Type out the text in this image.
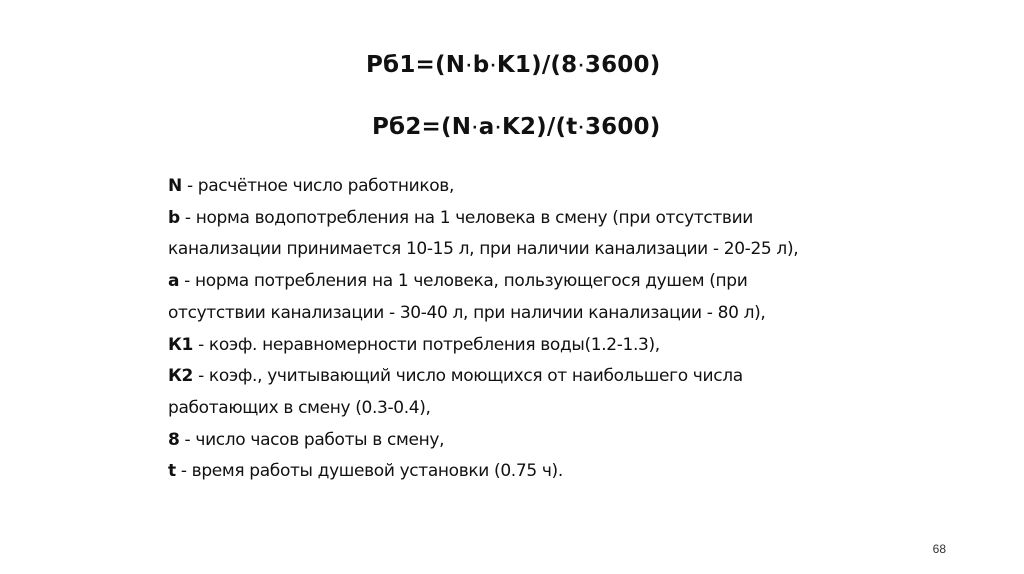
Рб1=(N·b·K1)/(8·3600)
Рб2=(N·a·K2)/(t·3600)
N - расчётное число работников,
b - норма водопотребления на 1 человека в смену (при отсутствии
канализации принимается 10-15 л, при наличии канализации - 20-25 л),
а - норма потребления на 1 человека, пользующегося душем (при
отсутствии канализации - 30-40 л, при наличии канализации - 80 л),
К1 - коэф. неравномерности потребления воды(1.2-1.3),
К2 - коэф., учитывающий число моющихся от наибольшего числа
работающих в смену (0.3-0.4),
8 - число часов работы в смену,
t - время работы душевой установки (0.75 ч).
68
